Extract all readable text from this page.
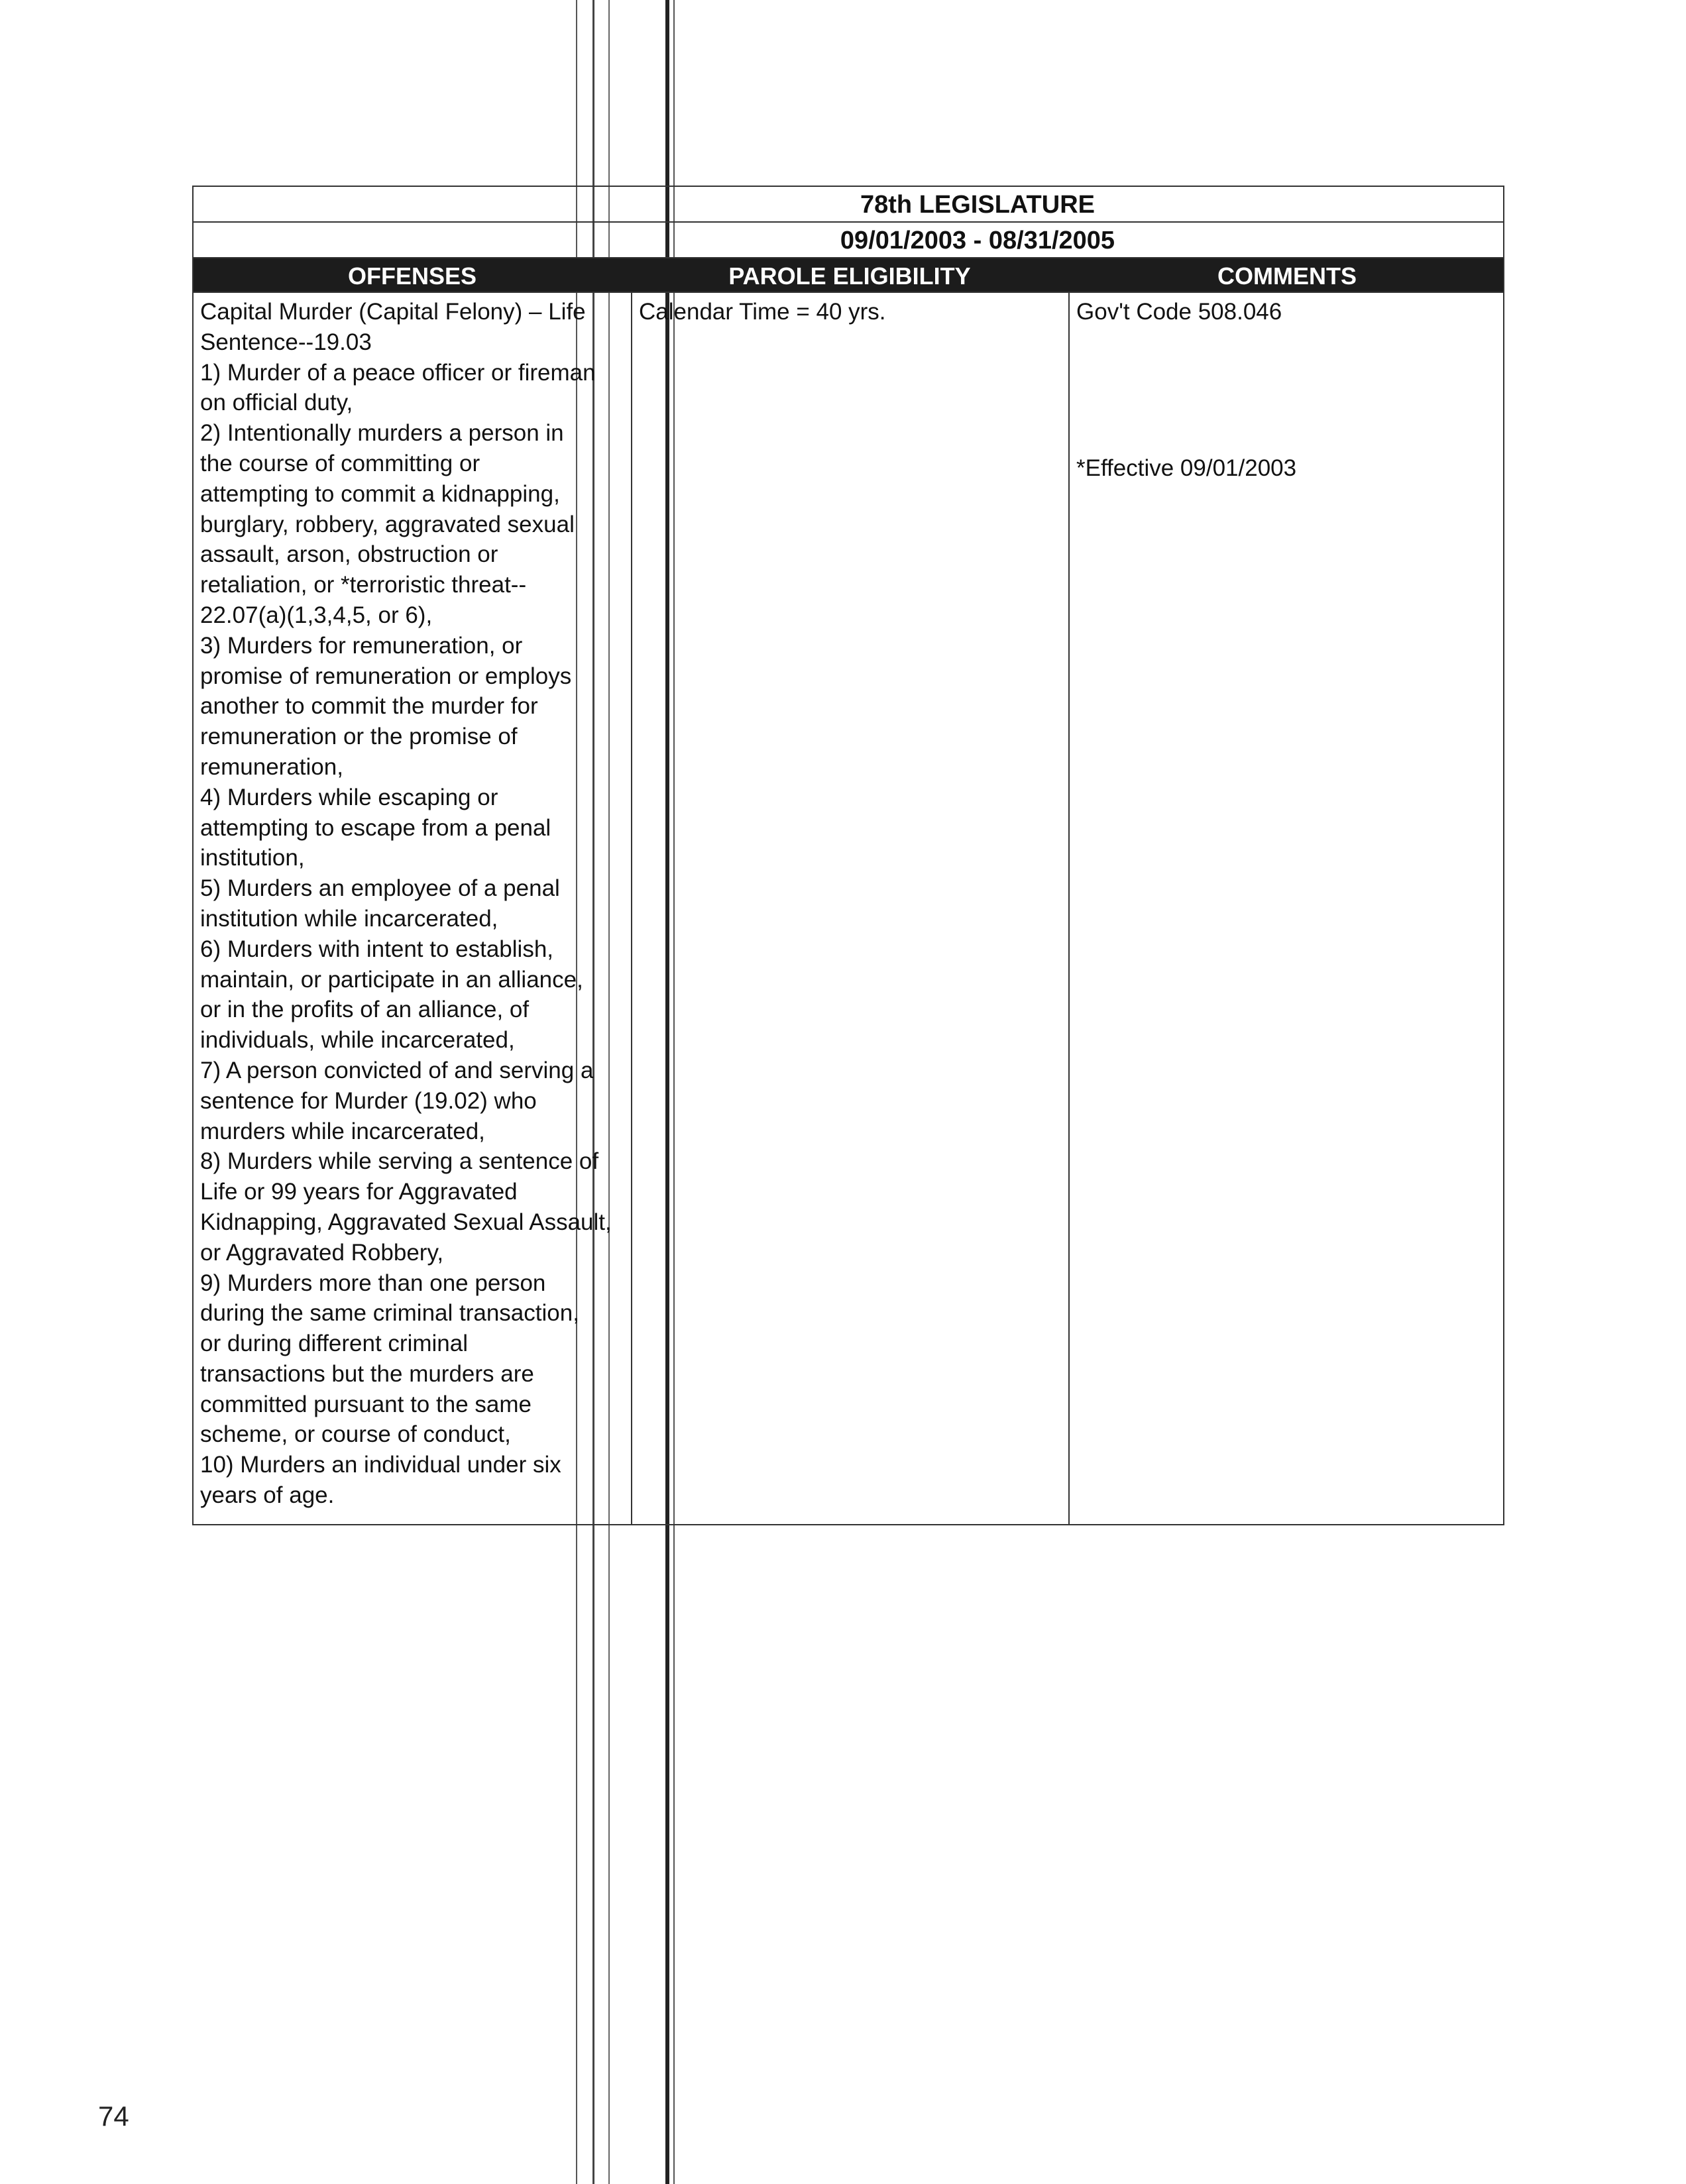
78th LEGISLATURE
09/01/2003 - 08/31/2005
OFFENSES	PAROLE ELIGIBILITY	COMMENTS
Capital Murder (Capital Felony) – Life
Sentence--19.03
1) Murder of a peace officer or fireman
on official duty,
2) Intentionally murders a person in
the course of committing or
attempting to commit a kidnapping,
burglary, robbery, aggravated sexual
assault, arson, obstruction or
retaliation, or *terroristic threat--
22.07(a)(1,3,4,5, or 6),
3) Murders for remuneration, or
promise of remuneration or employs
another to commit the murder for
remuneration or the promise of
remuneration,
4) Murders while escaping or
attempting to escape from a penal
institution,
5) Murders an employee of a penal
institution while incarcerated,
6) Murders with intent to establish,
maintain, or participate in an alliance,
or in the profits of an alliance, of
individuals, while incarcerated,
7) A person convicted of and serving a
sentence for Murder (19.02) who
murders while incarcerated,
8) Murders while serving a sentence of
Life or 99 years for Aggravated
Kidnapping, Aggravated Sexual Assault,
or Aggravated Robbery,
9) Murders more than one person
during the same criminal transaction,
or during different criminal
transactions but the murders are
committed pursuant to the same
scheme, or course of conduct,
10) Murders an individual under six
years of age.
Calendar Time = 40 yrs.	Gov't Code 508.046
*Effective 09/01/2003
74
